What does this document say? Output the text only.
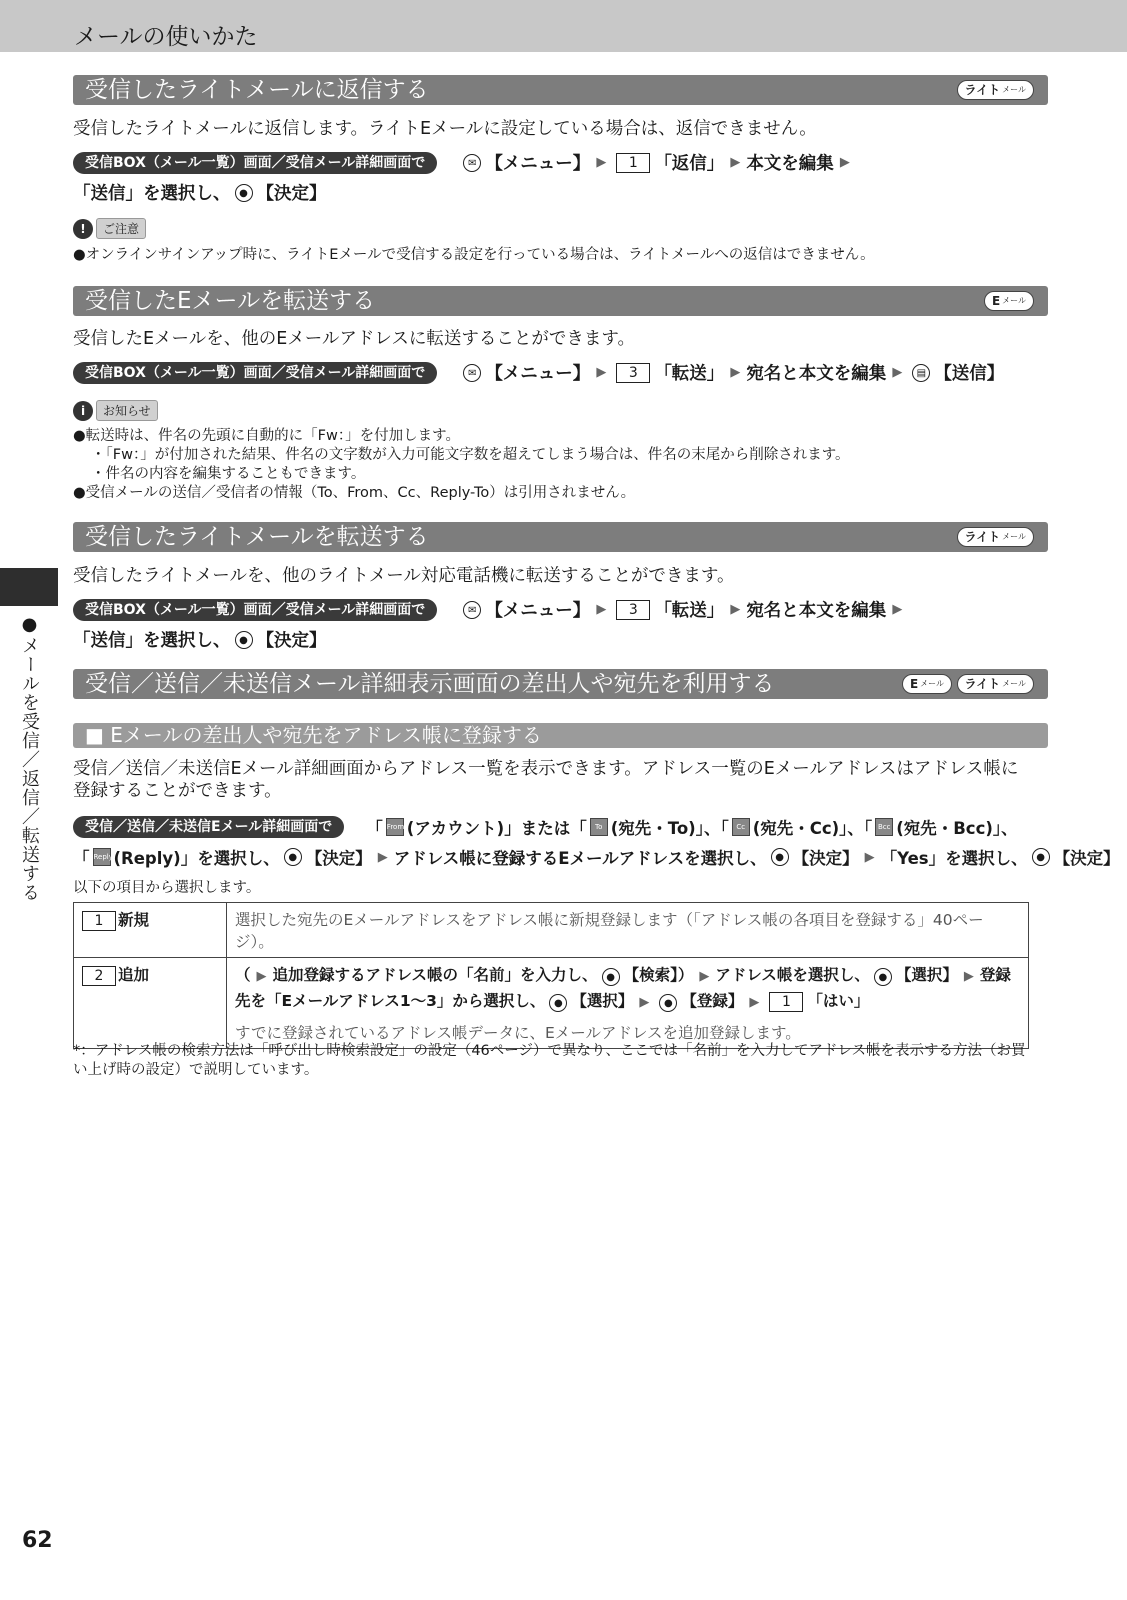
メールの使いかた
●メールを受信／返信／転送する
受信したライトメールに返信する	ライト メール
受信したライトメールに返信します。ライトEメールに設定している場合は、返信できません。
受信BOX（メール一覧）画面／受信メール詳細画面で	✉ 【メニュー】 ▶	1 「返信」 ▶ 本文を編集 ▶
「送信」を選択し、 ● 【決定】
!	ご注意
●オンラインサインアップ時に、ライトEメールで受信する設定を行っている場合は、ライトメールへの返信はできません。
受信したEメールを転送する	E メール
受信したEメールを、他のEメールアドレスに転送することができます。
受信BOX（メール一覧）画面／受信メール詳細画面で	✉ 【メニュー】 ▶	3 「転送」 ▶ 宛名と本文を編集 ▶	▤ 【送信】
i	お知らせ
●転送時は、件名の先頭に自動的に「Fw：」を付加します。
・「Fw：」が付加された結果、件名の文字数が入力可能文字数を超えてしまう場合は、件名の末尾から削除されます。
・件名の内容を編集することもできます。
●受信メールの送信／受信者の情報（To、From、Cc、Reply-To）は引用されません。
受信したライトメールを転送する	ライト メール
受信したライトメールを、他のライトメール対応電話機に転送することができます。
受信BOX（メール一覧）画面／受信メール詳細画面で	✉ 【メニュー】 ▶	3 「転送」 ▶ 宛名と本文を編集 ▶
「送信」を選択し、 ● 【決定】
受信／送信／未送信メール詳細表示画面の差出人や宛先を利用する	E メール ライト メール
■ Eメールの差出人や宛先をアドレス帳に登録する
受信／送信／未送信Eメール詳細画面からアドレス一覧を表示できます。アドレス一覧のEメールアドレスはアドレス帳に登録することができます。
受信／送信／未送信Eメール詳細画面で	「 From (アカウント)」または「	To (宛先・To)」、「	Cc (宛先・Cc)」、「 Bcc (宛先・Bcc)」、
「 Reply (Reply)」を選択し、 ● 【決定】 ▶ アドレス帳に登録するEメールアドレスを選択し、 ● 【決定】 ▶ 「Yes」を選択し、 ● 【決定】
以下の項目から選択します。
1 新規	選択した宛先のEメールアドレスをアドレス帳に新規登録します（「アドレス帳の各項目を登録する」40ページ）。
2 追加	（ ▶ 追加登録するアドレス帳の「名前」を入力し、 ● 【検索】） ▶ アドレス帳を選択し、 ● 【選択】 ▶ 登録先を「Eメールアドレス1～3」から選択し、 ● 【選択】 ▶ ● 【登録】 ▶ 1 「はい」
すでに登録されているアドレス帳データに、Eメールアドレスを追加登録します。
*：アドレス帳の検索方法は「呼び出し時検索設定」の設定（46ページ）で異なり、ここでは「名前」を入力してアドレス帳を表示する方法（お買い上げ時の設定）で説明しています。
62
